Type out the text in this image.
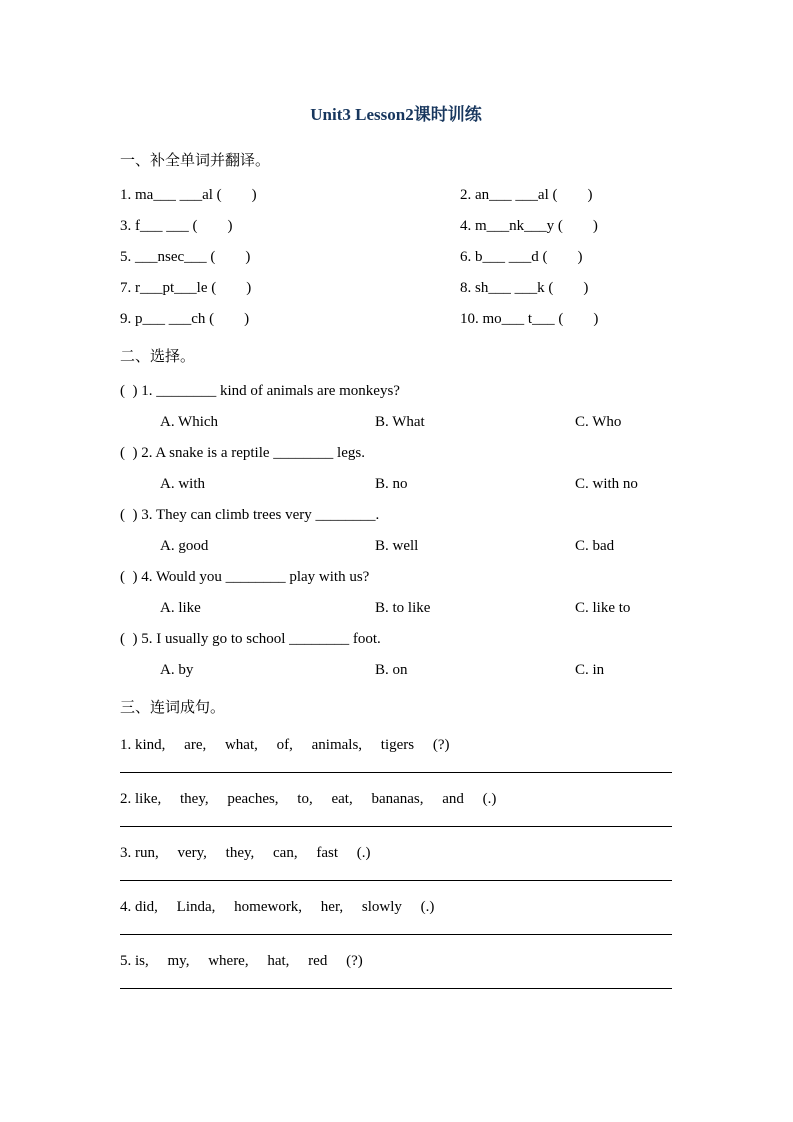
Unit3 Lesson2课时训练
一、补全单词并翻译。
1. ma___ ___al (        )	2. an___ ___al (        )
3. f___ ___ (        )	4. m___nk___y (        )
5. ___nsec___ (        )	6. b___ ___d (        )
7. r___pt___le (        )	8. sh___ ___k (        )
9. p___ ___ch (        )	10. mo___ t___ (        )
二、选择。
(  ) 1. ________ kind of animals are monkeys?
A. Which	B. What	C. Who
(  ) 2. A snake is a reptile ________ legs.
A. with	B. no	C. with no
(  ) 3. They can climb trees very ________.
A. good	B. well	C. bad
(  ) 4. Would you ________ play with us?
A. like	B. to like	C. like to
(  ) 5. I usually go to school ________ foot.
A. by	B. on	C. in
三、连词成句。
1. kind,     are,     what,     of,     animals,     tigers     (?)
2. like,     they,     peaches,     to,     eat,     bananas,     and     (.)
3. run,     very,     they,     can,     fast     (.)
4. did,     Linda,     homework,     her,     slowly     (.)
5. is,     my,     where,     hat,     red     (?)
